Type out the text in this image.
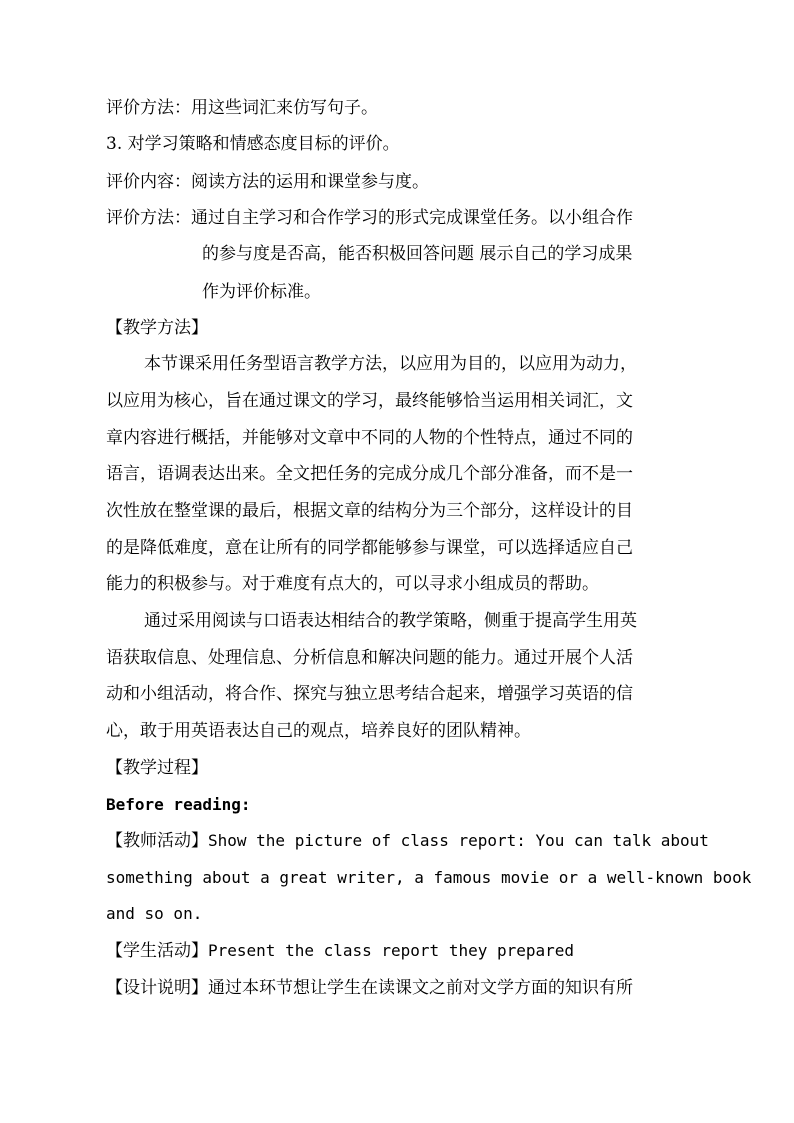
评价方法：用这些词汇来仿写句子。
3. 对学习策略和情感态度目标的评价。
评价内容：阅读方法的运用和课堂参与度。
评价方法：通过自主学习和合作学习的形式完成课堂任务。以小组合作
的参与度是否高，能否积极回答问题 展示自己的学习成果
作为评价标准。
【教学方法】
本节课采用任务型语言教学方法，以应用为目的，以应用为动力，
以应用为核心，旨在通过课文的学习，最终能够恰当运用相关词汇，文
章内容进行概括，并能够对文章中不同的人物的个性特点，通过不同的
语言，语调表达出来。全文把任务的完成分成几个部分准备，而不是一
次性放在整堂课的最后，根据文章的结构分为三个部分，这样设计的目
的是降低难度，意在让所有的同学都能够参与课堂，可以选择适应自己
能力的积极参与。对于难度有点大的，可以寻求小组成员的帮助。
通过采用阅读与口语表达相结合的教学策略，侧重于提高学生用英
语获取信息、处理信息、分析信息和解决问题的能力。通过开展个人活
动和小组活动，将合作、探究与独立思考结合起来，增强学习英语的信
心，敢于用英语表达自己的观点，培养良好的团队精神。
【教学过程】
Before reading:
【教师活动】Show the picture of class report: You can talk about
something about a great writer, a famous movie or a well-known book
and so on.
【学生活动】Present the class report they prepared
【设计说明】通过本环节想让学生在读课文之前对文学方面的知识有所
